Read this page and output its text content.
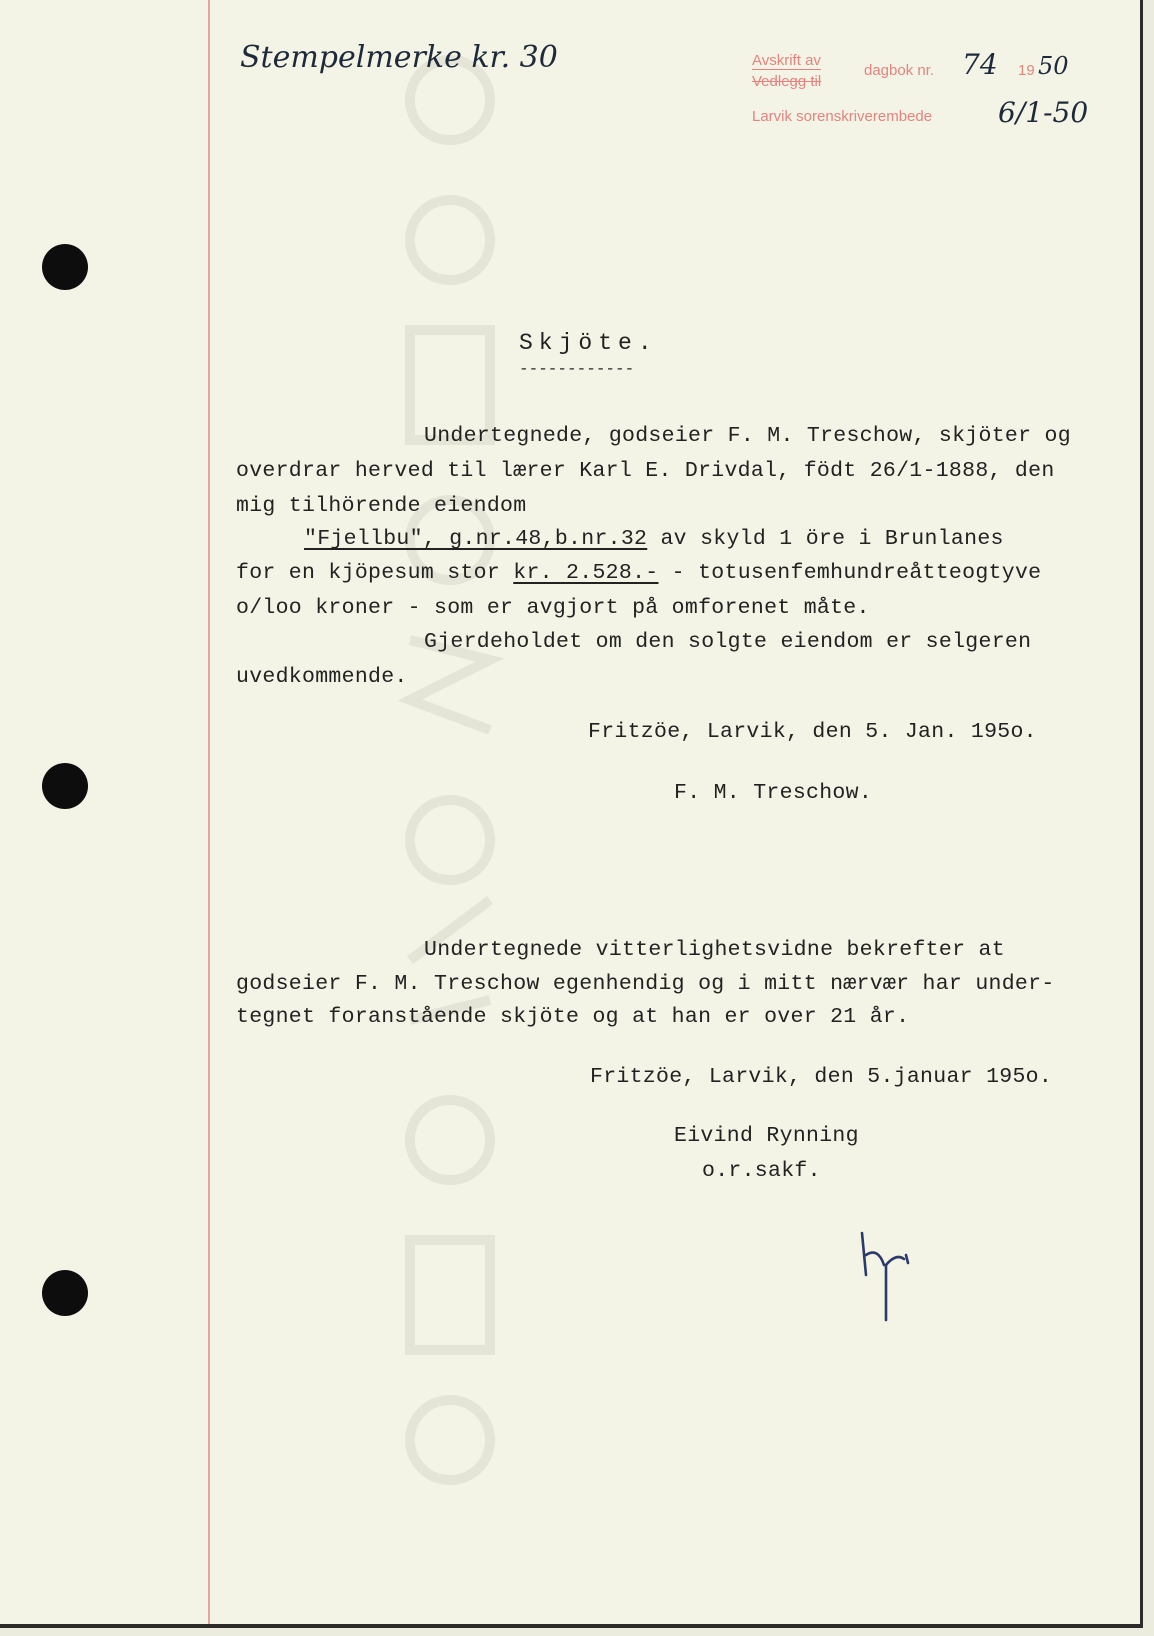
Stempelmerke kr. 30	Avskrift av
Vedlegg til
dagbok nr. 74 19 50
Larvik sorenskriverembede 6/1-50
Skjöte.
------------
Undertegnede, godseier F. M. Treschow, skjöter og
overdrar herved til lærer Karl E. Drivdal, födt 26/1-1888, den
mig tilhörende eiendom
"Fjellbu", g.nr.48,b.nr.32 av skyld 1 öre i Brunlanes
for en kjöpesum stor kr. 2.528.- - totusenfemhundreåtteogtyve
o/loo kroner - som er avgjort på omforenet måte.
Gjerdeholdet om den solgte eiendom er selgeren
uvedkommende.
Fritzöe, Larvik, den 5. Jan. 195o.
F. M. Treschow.
Undertegnede vitterlighetsvidne bekrefter at
godseier F. M. Treschow egenhendig og i mitt nærvær har under-
tegnet foranstående skjöte og at han er over 21 år.
Fritzöe, Larvik, den 5.januar 195o.
Eivind Rynning
o.r.sakf.
